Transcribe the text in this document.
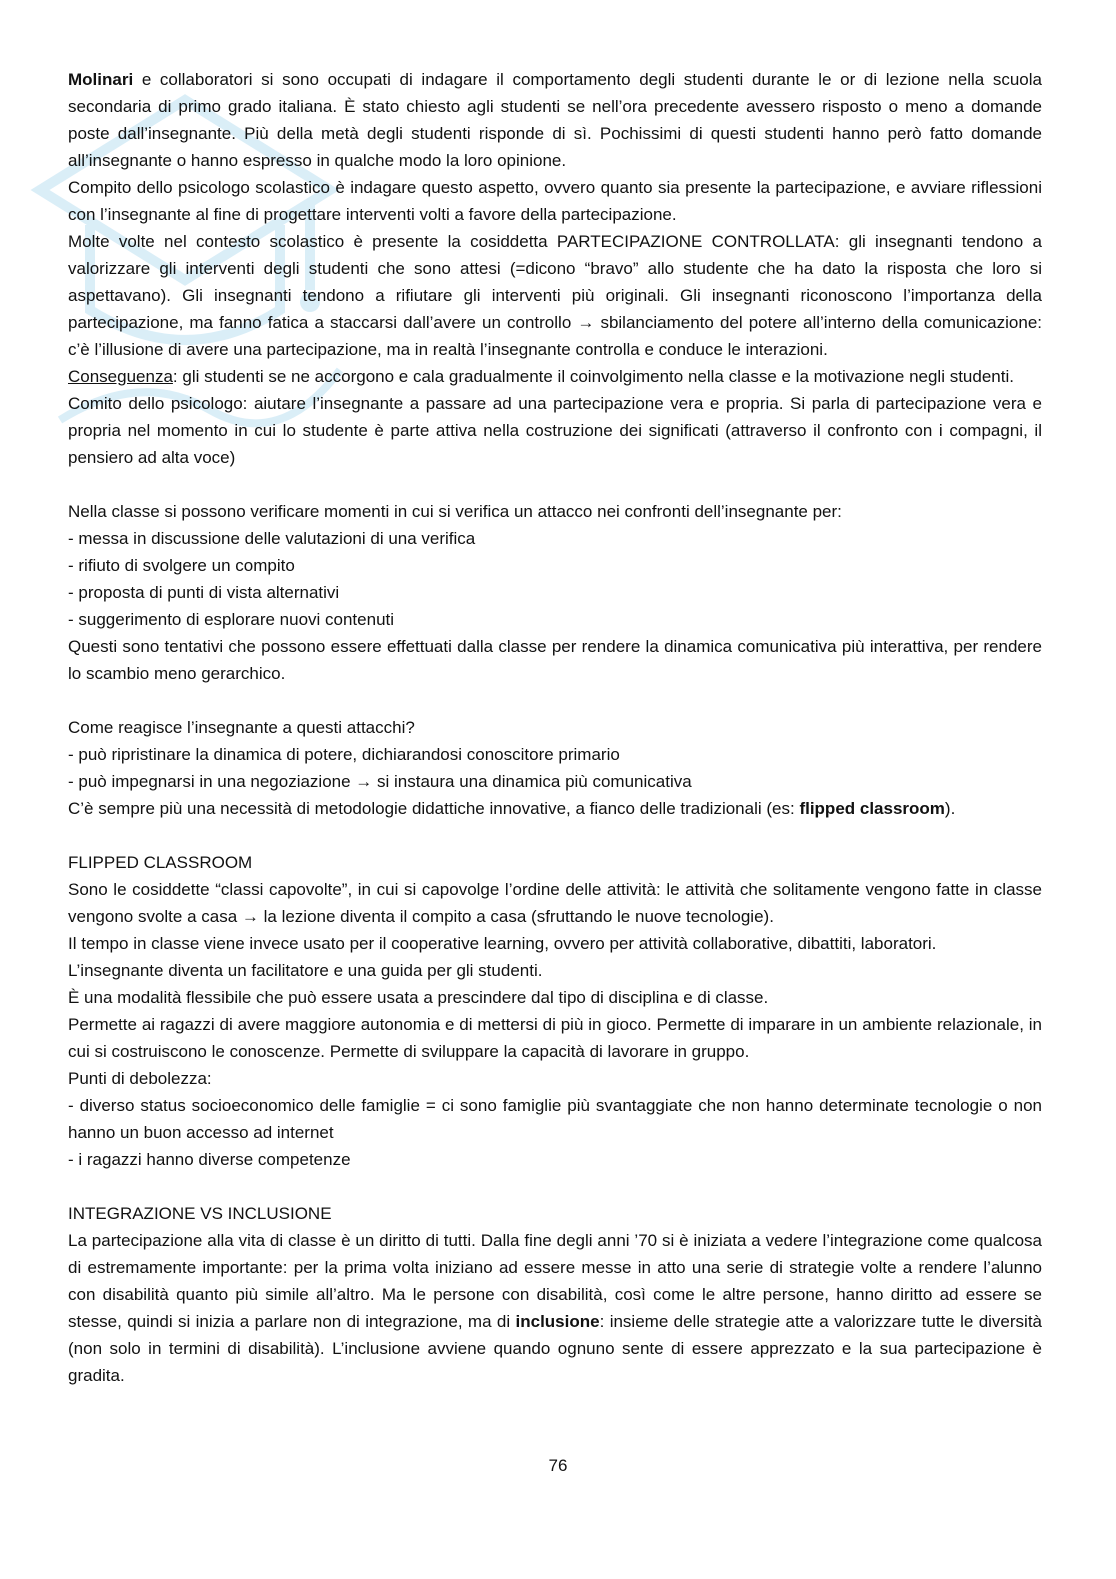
Molinari e collaboratori si sono occupati di indagare il comportamento degli studenti durante le or di lezione nella scuola secondaria di primo grado italiana. È stato chiesto agli studenti se nell’ora precedente avessero risposto o meno a domande poste dall’insegnante. Più della metà degli studenti risponde di sì. Pochissimi di questi studenti hanno però fatto domande all’insegnante o hanno espresso in qualche modo la loro opinione.

Compito dello psicologo scolastico è indagare questo aspetto, ovvero quanto sia presente la partecipazione, e avviare riflessioni con l’insegnante al fine di progettare interventi volti a favore della partecipazione.

Molte volte nel contesto scolastico è presente la cosiddetta PARTECIPAZIONE CONTROLLATA: gli insegnanti tendono a valorizzare gli interventi degli studenti che sono attesi (=dicono “bravo” allo studente che ha dato la risposta che loro si aspettavano). Gli insegnanti tendono a rifiutare gli interventi più originali. Gli insegnanti riconoscono l’importanza della partecipazione, ma fanno fatica a staccarsi dall’avere un controllo → sbilanciamento del potere all’interno della comunicazione: c’è l’illusione di avere una partecipazione, ma in realtà l’insegnante controlla e conduce le interazioni.

Conseguenza: gli studenti se ne accorgono e cala gradualmente il coinvolgimento nella classe e la motivazione negli studenti.

Comito dello psicologo: aiutare l’insegnante a passare ad una partecipazione vera e propria. Si parla di partecipazione vera e propria nel momento in cui lo studente è parte attiva nella costruzione dei significati (attraverso il confronto con i compagni, il pensiero ad alta voce)

Nella classe si possono verificare momenti in cui si verifica un attacco nei confronti dell’insegnante per:

- messa in discussione delle valutazioni di una verifica

- rifiuto di svolgere un compito

- proposta di punti di vista alternativi

- suggerimento di esplorare nuovi contenuti

Questi sono tentativi che possono essere effettuati dalla classe per rendere la dinamica comunicativa più interattiva, per rendere lo scambio meno gerarchico.

Come reagisce l’insegnante a questi attacchi?

- può ripristinare la dinamica di potere, dichiarandosi conoscitore primario

- può impegnarsi in una negoziazione → si instaura una dinamica più comunicativa

C’è sempre più una necessità di metodologie didattiche innovative, a fianco delle tradizionali (es: flipped classroom).

FLIPPED CLASSROOM

Sono le cosiddette “classi capovolte”, in cui si capovolge l’ordine delle attività: le attività che solitamente vengono fatte in classe vengono svolte a casa → la lezione diventa il compito a casa (sfruttando le nuove tecnologie).

Il tempo in classe viene invece usato per il cooperative learning, ovvero per attività collaborative, dibattiti, laboratori.

L’insegnante diventa un facilitatore e una guida per gli studenti.

È una modalità flessibile che può essere usata a prescindere dal tipo di disciplina e di classe.

Permette ai ragazzi di avere maggiore autonomia e di mettersi di più in gioco. Permette di imparare in un ambiente relazionale, in cui si costruiscono le conoscenze. Permette di sviluppare la capacità di lavorare in gruppo.

Punti di debolezza:

- diverso status socioeconomico delle famiglie = ci sono famiglie più svantaggiate che non hanno determinate tecnologie o non hanno un buon accesso ad internet

- i ragazzi hanno diverse competenze

INTEGRAZIONE VS INCLUSIONE

La partecipazione alla vita di classe è un diritto di tutti. Dalla fine degli anni ’70 si è iniziata a vedere l’integrazione come qualcosa di estremamente importante: per la prima volta iniziano ad essere messe in atto una serie di strategie volte a rendere l’alunno con disabilità quanto più simile all’altro. Ma le persone con disabilità, così come le altre persone, hanno diritto ad essere se stesse, quindi si inizia a parlare non di integrazione, ma di inclusione: insieme delle strategie atte a valorizzare tutte le diversità (non solo in termini di disabilità). L’inclusione avviene quando ognuno sente di essere apprezzato e la sua partecipazione è gradita.

76
